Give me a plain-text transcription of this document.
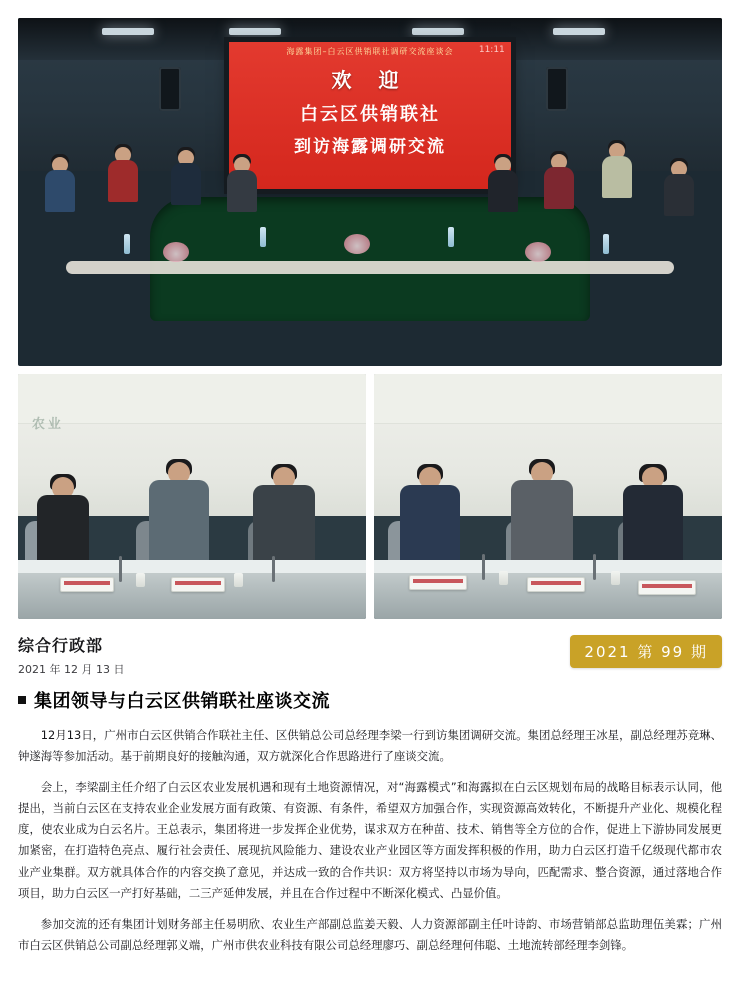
海露集团–白云区供销联社调研交流座谈会	11:11
欢 迎
白云区供销联社
到访海露调研交流
农业
综合行政部
2021 年 12 月 13 日
2021 第 99 期
集团领导与白云区供销联社座谈交流

12月13日，广州市白云区供销合作联社主任、区供销总公司总经理李梁一行到访集团调研交流。集团总经理王冰星，副总经理苏竞琳、钟遂海等参加活动。基于前期良好的接触沟通，双方就深化合作思路进行了座谈交流。

会上，李梁副主任介绍了白云区农业发展机遇和现有土地资源情况，对“海露模式”和海露拟在白云区规划布局的战略目标表示认同，他提出，当前白云区在支持农业企业发展方面有政策、有资源、有条件，希望双方加强合作，实现资源高效转化，不断提升产业化、规模化程度，使农业成为白云名片。王总表示，集团将进一步发挥企业优势，谋求双方在种苗、技术、销售等全方位的合作，促进上下游协同发展更加紧密，在打造特色亮点、履行社会责任、展现抗风险能力、建设农业产业园区等方面发挥积极的作用，助力白云区打造千亿级现代都市农业产业集群。双方就具体合作的内容交换了意见，并达成一致的合作共识：双方将坚持以市场为导向，匹配需求、整合资源，通过落地合作项目，助力白云区一产打好基础，二三产延伸发展，并且在合作过程中不断深化模式、凸显价值。

参加交流的还有集团计划财务部主任易明欣、农业生产部副总监姜天毅、人力资源部副主任叶诗韵、市场营销部总监助理伍美霖；广州市白云区供销总公司副总经理郭义端，广州市供农业科技有限公司总经理廖巧、副总经理何伟聪、土地流转部经理李剑锋。
